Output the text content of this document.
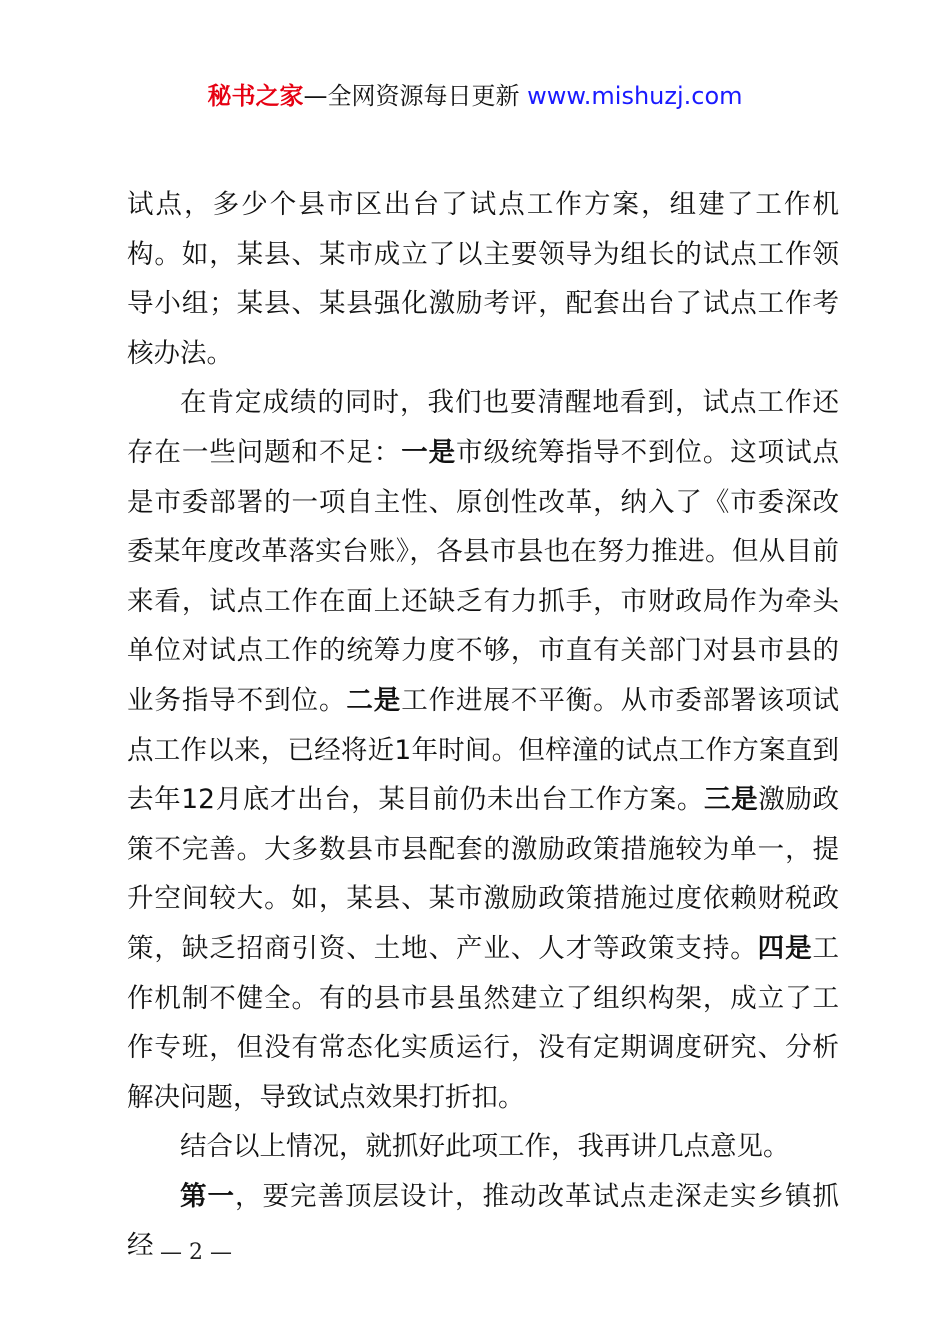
秘书之家—全网资源每日更新 www.mishuzj.com

试点，多少个县市区出台了试点工作方案，组建了工作机构。如，某县、某市成立了以主要领导为组长的试点工作领导小组；某县、某县强化激励考评，配套出台了试点工作考核办法。

在肯定成绩的同时，我们也要清醒地看到，试点工作还存在一些问题和不足：一是市级统筹指导不到位。这项试点是市委部署的一项自主性、原创性改革，纳入了《市委深改委某年度改革落实台账》，各县市县也在努力推进。但从目前来看，试点工作在面上还缺乏有力抓手，市财政局作为牵头单位对试点工作的统筹力度不够，市直有关部门对县市县的业务指导不到位。二是工作进展不平衡。从市委部署该项试点工作以来，已经将近1年时间。但梓潼的试点工作方案直到去年12月底才出台，某目前仍未出台工作方案。三是激励政策不完善。大多数县市县配套的激励政策措施较为单一，提升空间较大。如，某县、某市激励政策措施过度依赖财税政策，缺乏招商引资、土地、产业、人才等政策支持。四是工作机制不健全。有的县市县虽然建立了组织构架，成立了工作专班，但没有常态化实质运行，没有定期调度研究、分析解决问题，导致试点效果打折扣。

结合以上情况，就抓好此项工作，我再讲几点意见。

第一，要完善顶层设计，推动改革试点走深走实乡镇抓经 — 2 —
